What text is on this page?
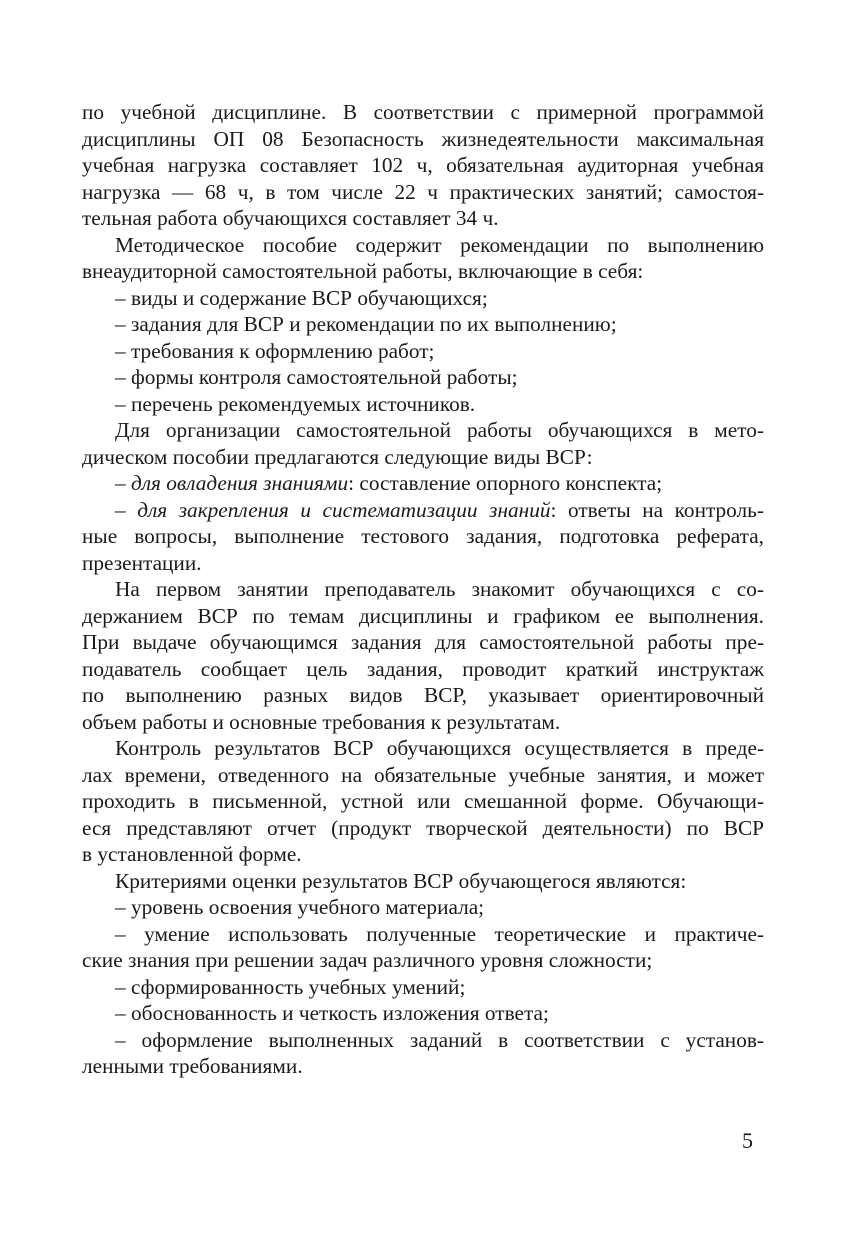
по учебной дисциплине. В соответствии с примерной программой
дисциплины ОП 08 Безопасность жизнедеятельности максимальная
учебная нагрузка составляет 102 ч, обязательная аудиторная учебная
нагрузка — 68 ч, в том числе 22 ч практических занятий; самостоя-
тельная работа обучающихся составляет 34 ч.
Методическое пособие содержит рекомендации по выполнению
внеаудиторной самостоятельной работы, включающие в себя:
– виды и содержание ВСР обучающихся;
– задания для ВСР и рекомендации по их выполнению;
– требования к оформлению работ;
– формы контроля самостоятельной работы;
– перечень рекомендуемых источников.
Для организации самостоятельной работы обучающихся в мето-
дическом пособии предлагаются следующие виды ВСР:
– для овладения знаниями: составление опорного конспекта;
– для закрепления и систематизации знаний: ответы на контроль-
ные вопросы, выполнение тестового задания, подготовка реферата,
презентации.
На первом занятии преподаватель знакомит обучающихся с со-
держанием ВСР по темам дисциплины и графиком ее выполнения.
При выдаче обучающимся задания для самостоятельной работы пре-
подаватель сообщает цель задания, проводит краткий инструктаж
по выполнению разных видов ВСР, указывает ориентировочный
объем работы и основные требования к результатам.
Контроль результатов ВСР обучающихся осуществляется в преде-
лах времени, отведенного на обязательные учебные занятия, и может
проходить в письменной, устной или смешанной форме. Обучающи-
еся представляют отчет (продукт творческой деятельности) по ВСР
в установленной форме.
Критериями оценки результатов ВСР обучающегося являются:
– уровень освоения учебного материала;
– умение использовать полученные теоретические и практиче-
ские знания при решении задач различного уровня сложности;
– сформированность учебных умений;
– обоснованность и четкость изложения ответа;
– оформление выполненных заданий в соответствии с установ-
ленными требованиями.
5
